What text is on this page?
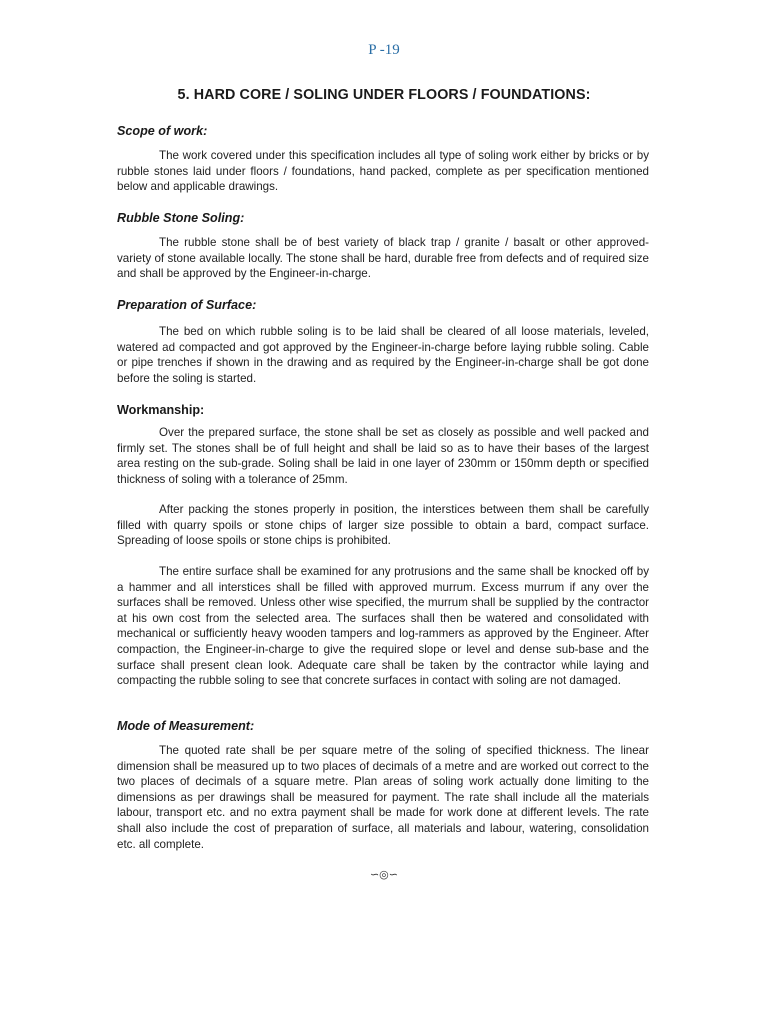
P -19
5. HARD CORE / SOLING UNDER FLOORS / FOUNDATIONS:
Scope of work:

The work covered under this specification includes all type of soling work either by bricks or by rubble stones laid under floors / foundations, hand packed, complete as per specification mentioned below and applicable drawings.

Rubble Stone Soling:

The rubble stone shall be of best variety of black trap / granite / basalt or other approved-variety of stone available locally. The stone shall be hard, durable free from defects and of required size and shall be approved by the Engineer-in-charge.

Preparation of Surface:

The bed on which rubble soling is to be laid shall be cleared of all loose materials, leveled, watered ad compacted and got approved by the Engineer-in-charge before laying rubble soling. Cable or pipe trenches if shown in the drawing and as required by the Engineer-in-charge shall be got done before the soling is started.

Workmanship:

Over the prepared surface, the stone shall be set as closely as possible and well packed and firmly set. The stones shall be of full height and shall be laid so as to have their bases of the largest area resting on the sub-grade. Soling shall be laid in one layer of 230mm or 150mm depth or specified thickness of soling with a tolerance of 25mm.

After packing the stones properly in position, the interstices between them shall be carefully filled with quarry spoils or stone chips of larger size possible to obtain a bard, compact surface. Spreading of loose spoils or stone chips is prohibited.

The entire surface shall be examined for any protrusions and the same shall be knocked off by a hammer and all interstices shall be filled with approved murrum. Excess murrum if any over the surfaces shall be removed. Unless other wise specified, the murrum shall be supplied by the contractor at his own cost from the selected area. The surfaces shall then be watered and consolidated with mechanical or sufficiently heavy wooden tampers and log-rammers as approved by the Engineer. After compaction, the Engineer-in-charge to give the required slope or level and dense sub-base and the surface shall present clean look. Adequate care shall be taken by the contractor while laying and compacting the rubble soling to see that concrete surfaces in contact with soling are not damaged.

Mode of Measurement:

The quoted rate shall be per square metre of the soling of specified thickness. The linear dimension shall be measured up to two places of decimals of a metre and are worked out correct to the two places of decimals of a square metre. Plan areas of soling work actually done limiting to the dimensions as per drawings shall be measured for payment. The rate shall include all the materials labour, transport etc. and no extra payment shall be made for work done at different levels. The rate shall also include the cost of preparation of surface, all materials and labour, watering, consolidation etc. all complete.

∽◎∽
